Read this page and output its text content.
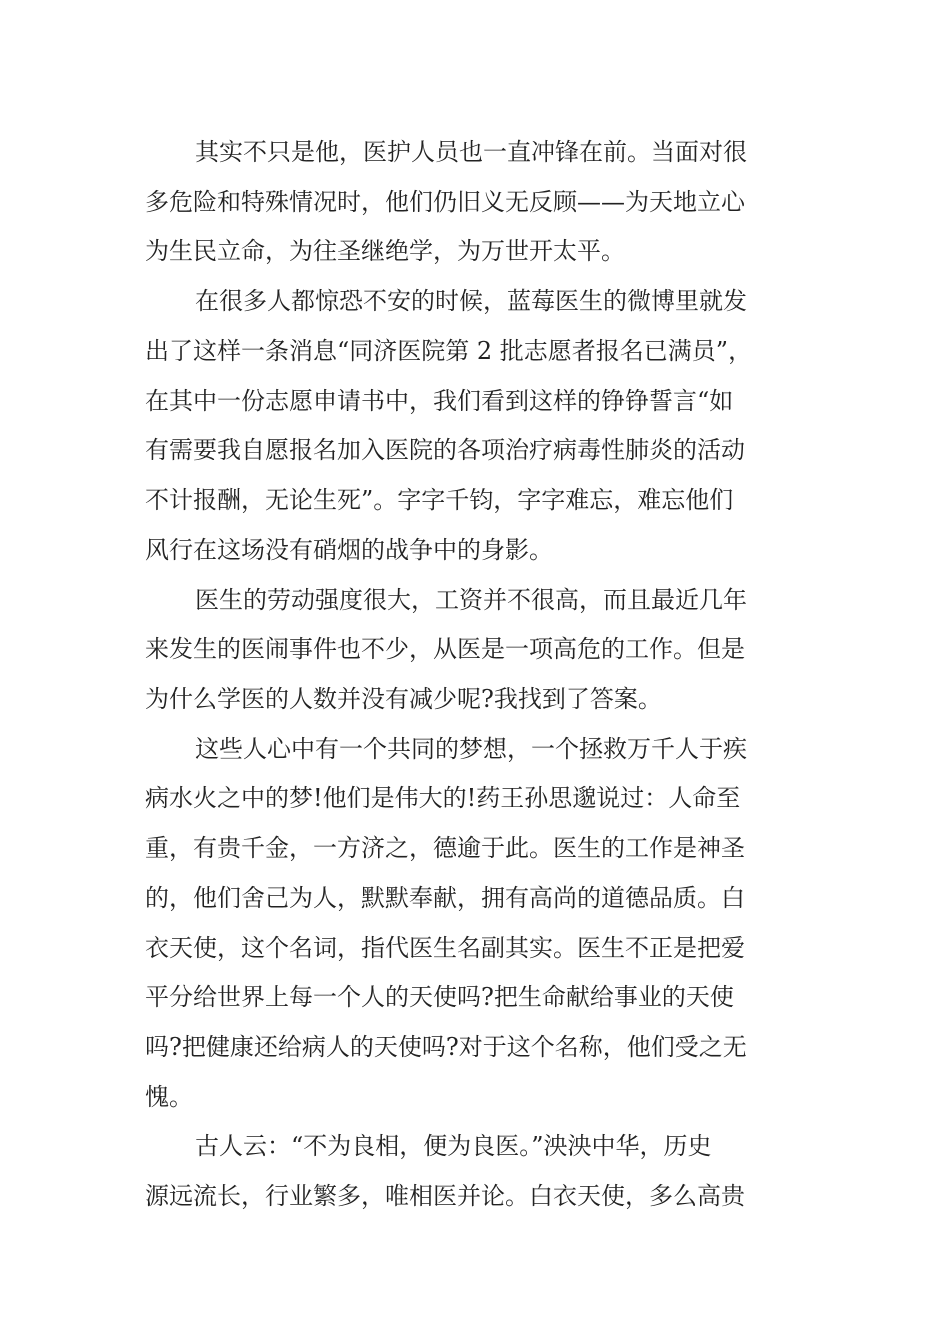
其实不只是他，医护人员也一直冲锋在前。当面对很
多危险和特殊情况时，他们仍旧义无反顾——为天地立心
为生民立命，为往圣继绝学，为万世开太平。
在很多人都惊恐不安的时候，蓝莓医生的微博里就发
出了这样一条消息“同济医院第 2 批志愿者报名已满员”，
在其中一份志愿申请书中，我们看到这样的铮铮誓言“如
有需要我自愿报名加入医院的各项治疗病毒性肺炎的活动
不计报酬，无论生死”。字字千钧，字字难忘，难忘他们
风行在这场没有硝烟的战争中的身影。
医生的劳动强度很大，工资并不很高，而且最近几年
来发生的医闹事件也不少，从医是一项高危的工作。但是
为什么学医的人数并没有减少呢?我找到了答案。
这些人心中有一个共同的梦想，一个拯救万千人于疾
病水火之中的梦!他们是伟大的!药王孙思邈说过：人命至
重，有贵千金，一方济之，德逾于此。医生的工作是神圣
的，他们舍己为人，默默奉献，拥有高尚的道德品质。白
衣天使，这个名词，指代医生名副其实。医生不正是把爱
平分给世界上每一个人的天使吗?把生命献给事业的天使
吗?把健康还给病人的天使吗?对于这个名称，他们受之无
愧。
古人云：“不为良相，便为良医。”泱泱中华，历史
源远流长，行业繁多，唯相医并论。白衣天使，多么高贵
